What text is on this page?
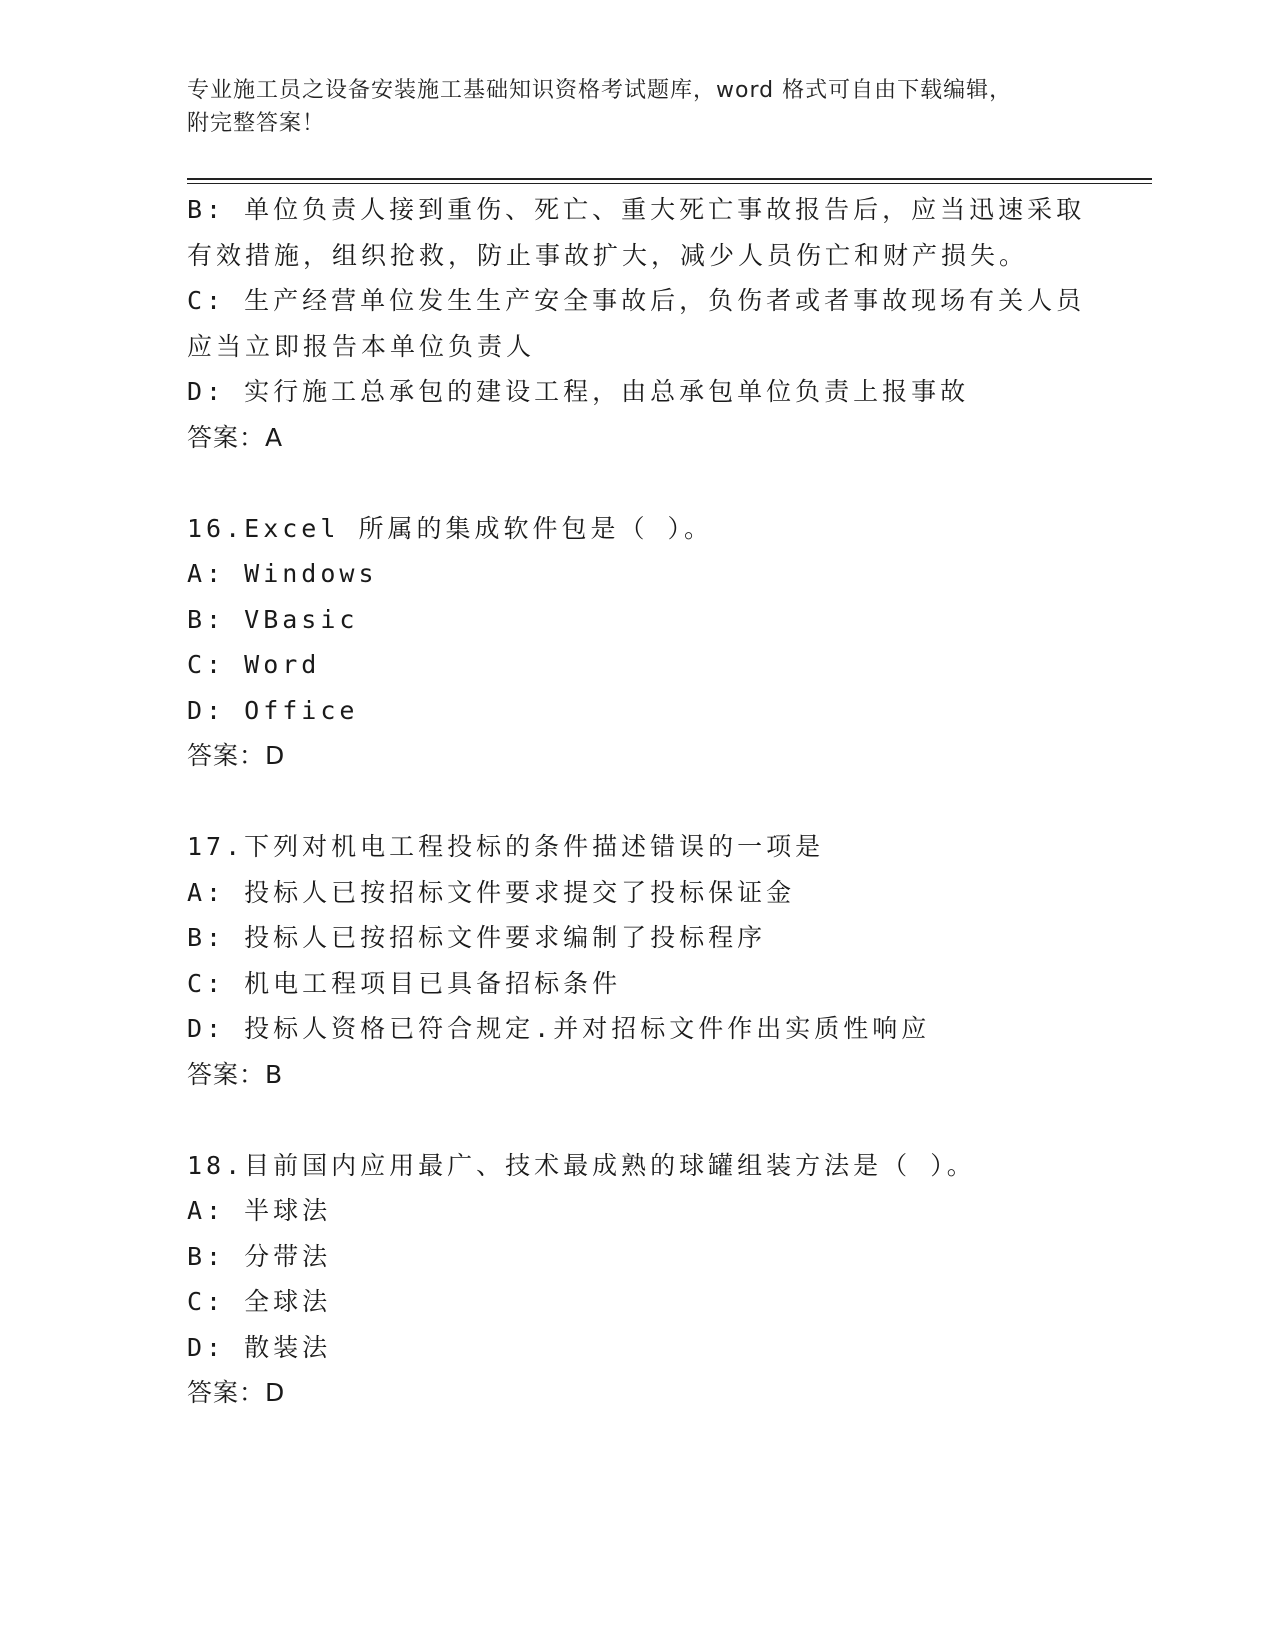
专业施工员之设备安装施工基础知识资格考试题库，word 格式可自由下载编辑，
附完整答案！
B: 单位负责人接到重伤、死亡、重大死亡事故报告后，应当迅速采取
有效措施，组织抢救，防止事故扩大，减少人员伤亡和财产损失。
C: 生产经营单位发生生产安全事故后，负伤者或者事故现场有关人员
应当立即报告本单位负责人
D: 实行施工总承包的建设工程，由总承包单位负责上报事故
答案：A
16.Excel 所属的集成软件包是（ ）。
A: Windows
B: VBasic
C: Word
D: Office
答案：D
17.下列对机电工程投标的条件描述错误的一项是
A: 投标人已按招标文件要求提交了投标保证金
B: 投标人已按招标文件要求编制了投标程序
C: 机电工程项目已具备招标条件
D: 投标人资格已符合规定.并对招标文件作出实质性响应
答案：B
18.目前国内应用最广、技术最成熟的球罐组装方法是（ ）。
A: 半球法
B: 分带法
C: 全球法
D: 散装法
答案：D
